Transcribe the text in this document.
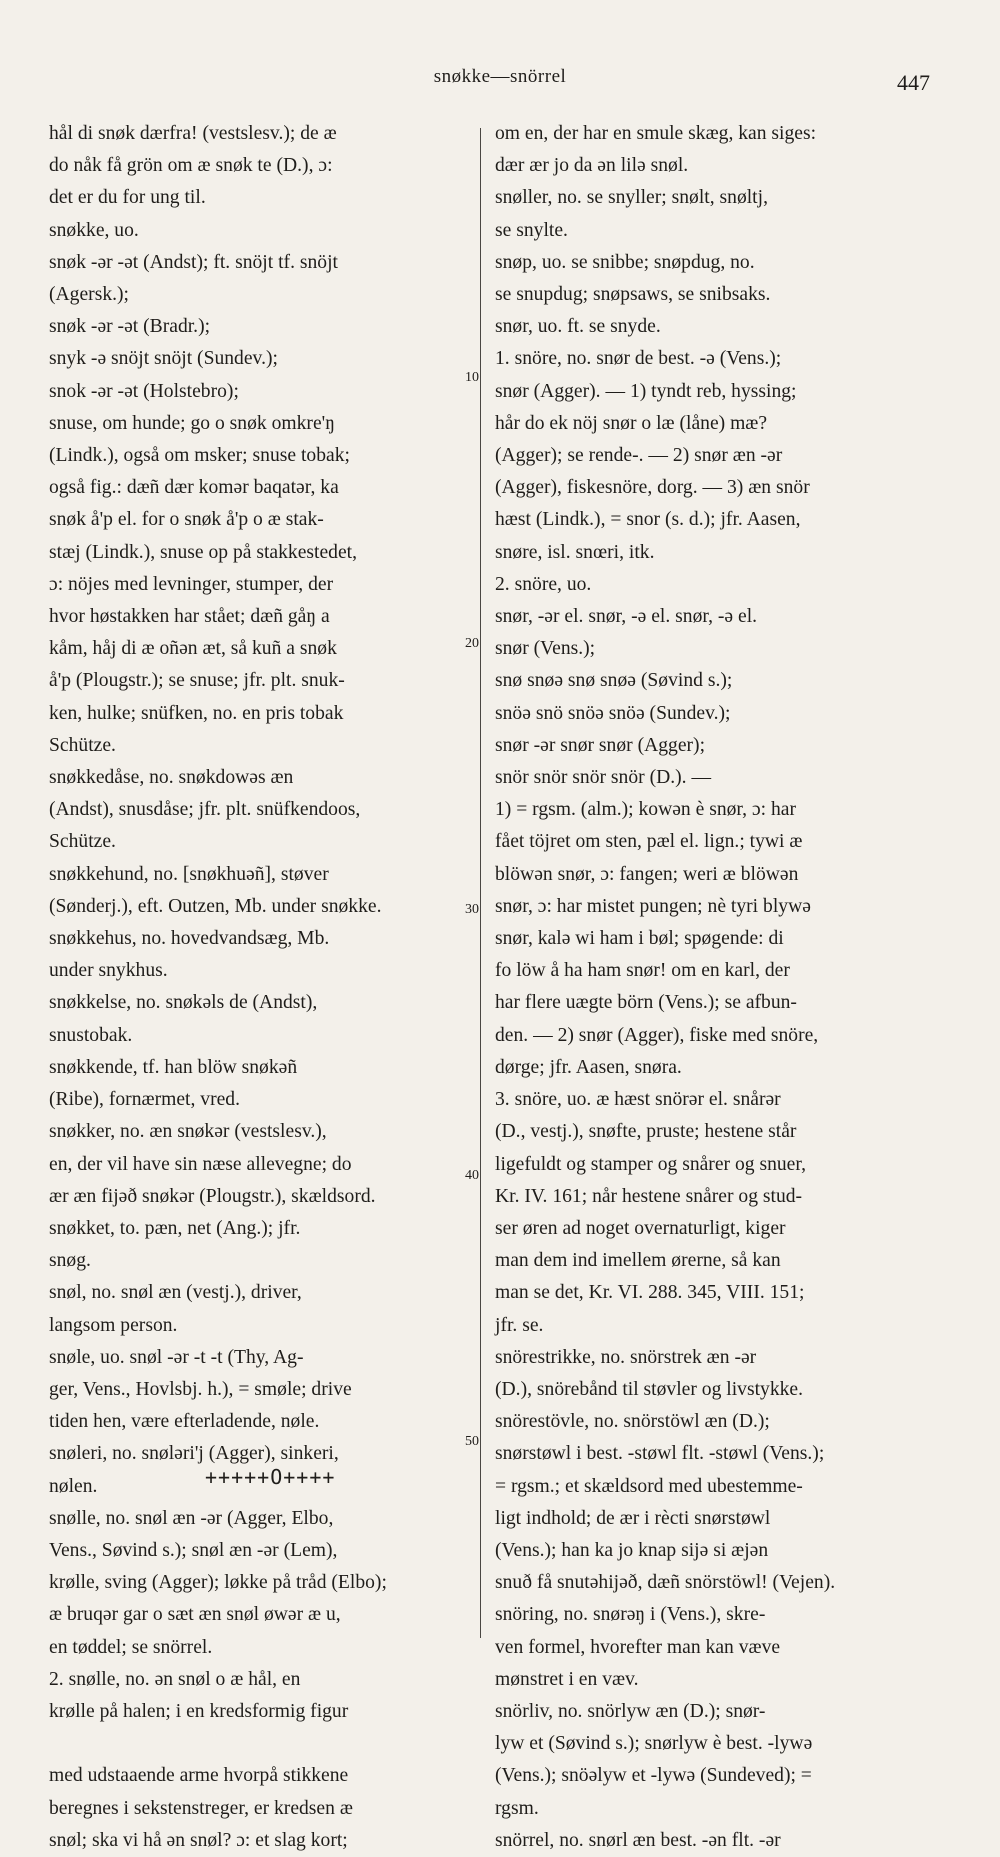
snøkke—snörrel	447

hål di snøk dærfra! (vestslesv.); de æ

do nåk få grön om æ snøk te (D.), ɔ:

det er du for ung til.

snøkke, uo.

snøk -ər -ət (Andst); ft. snöjt tf. snöjt

(Agersk.);

snøk -ər -ət (Bradr.);

snyk -ə snöjt snöjt (Sundev.);

snok -ər -ət (Holstebro);

snuse, om hunde; go o snøk omkre'ŋ

(Lindk.), også om msker; snuse tobak;

også fig.: dæñ dær komər baqatər, ka

snøk å'p el. for o snøk å'p o æ stak-

stæj (Lindk.), snuse op på stakkestedet,

ɔ: nöjes med levninger, stumper, der

hvor høstakken har stået; dæñ gåŋ a

kåm, håj di æ oñən æt, så kuñ a snøk

å'p (Plougstr.); se snuse; jfr. plt. snuk-

ken, hulke; snüfken, no. en pris tobak

Schütze.

snøkkedåse, no. snøkdowəs æn

(Andst), snusdåse; jfr. plt. snüfkendoos,

Schütze.

snøkkehund, no. [snøkhuəñ], støver

(Sønderj.), eft. Outzen, Mb. under snøkke.

snøkkehus, no. hovedvandsæg, Mb.

under snykhus.

snøkkelse, no. snøkəls de (Andst),

snustobak.

snøkkende, tf. han blöw snøkəñ

(Ribe), fornærmet, vred.

snøkker, no. æn snøkər (vestslesv.),

en, der vil have sin næse allevegne; do

ær æn fijəð snøkər (Plougstr.), skældsord.

snøkket, to. pæn, net (Ang.); jfr.

snøg.

snøl, no. snøl æn (vestj.), driver,

langsom person.

snøle, uo. snøl -ər -t -t (Thy, Ag-

ger, Vens., Hovlsbj. h.), = smøle; drive

tiden hen, være efterladende, nøle.

snøleri, no. snøləri'j (Agger), sinkeri,

nølen.

snølle, no. snøl æn -ər (Agger, Elbo,

Vens., Søvind s.); snøl æn -ər (Lem),

krølle, sving (Agger); løkke på tråd (Elbo);

æ bruqər gar o sæt æn snøl øwər æ u,

en tøddel; se snörrel.

2. snølle, no. ən snøl o æ hål, en

krølle på halen; i en kredsformig figur

med udstaaende arme hvorpå stikkene

beregnes i sekstenstreger, er kredsen æ

snøl; ska vi hå ən snøl? ɔ: et slag kort;

om en, der har en smule skæg, kan siges:

dær ær jo da ən lilə snøl.

snøller, no. se snyller; snølt, snøltj,

se snylte.

snøp, uo. se snibbe; snøpdug, no.

se snupdug; snøpsaws, se snibsaks.

snør, uo. ft. se snyde.

1. snöre, no. snør de best. -ə (Vens.);

snør (Agger). — 1) tyndt reb, hyssing;

hår do ek nöj snør o læ (låne) mæ?

(Agger); se rende-. — 2) snør æn -ər

(Agger), fiskesnöre, dorg. — 3) æn snör

hæst (Lindk.), = snor (s. d.); jfr. Aasen,

snøre, isl. snœri, itk.

2. snöre, uo.

snør, -ər el. snør, -ə el. snør, -ə el.

snør (Vens.);

snø snøə snø snøə (Søvind s.);

snöə snö snöə snöə (Sundev.);

snør -ər snør snør (Agger);

snör snör snör snör (D.). —

1) = rgsm. (alm.); kowən è snør, ɔ: har

fået töjret om sten, pæl el. lign.; tywi æ

blöwən snør, ɔ: fangen; weri æ blöwən

snør, ɔ: har mistet pungen; nè tyri blywə

snør, kalə wi ham i bøl; spøgende: di

fo löw å ha ham snør! om en karl, der

har flere uægte börn (Vens.); se afbun-

den. — 2) snør (Agger), fiske med snöre,

dørge; jfr. Aasen, snøra.

3. snöre, uo. æ hæst snörər el. snårər

(D., vestj.), snøfte, pruste; hestene står

ligefuldt og stamper og snårer og snuer,

Kr. IV. 161; når hestene snårer og stud-

ser øren ad noget overnaturligt, kiger

man dem ind imellem ørerne, så kan

man se det, Kr. VI. 288. 345, VIII. 151;

jfr. se.

snörestrikke, no. snörstrek æn -ər

(D.), snörebånd til støvler og livstykke.

snörestövle, no. snörstöwl æn (D.);

snørstøwl i best. -støwl flt. -støwl (Vens.);

= rgsm.; et skældsord med ubestemme-

ligt indhold; de ær i rècti snørstøwl

(Vens.); han ka jo knap sijə si æjən

snuð få snutəhijəð, dæñ snörstöwl! (Vejen).

snöring, no. snørəŋ i (Vens.), skre-

ven formel, hvorefter man kan væve

mønstret i en væv.

snörliv, no. snörlyw æn (D.); snør-

lyw et (Søvind s.); snørlyw è best. -lywə

(Vens.); snöəlyw et -lywə (Sundeved); =

rgsm.

snörrel, no. snørl æn best. -ən flt. -ər

10
20
30
40
50
+++++O++++
